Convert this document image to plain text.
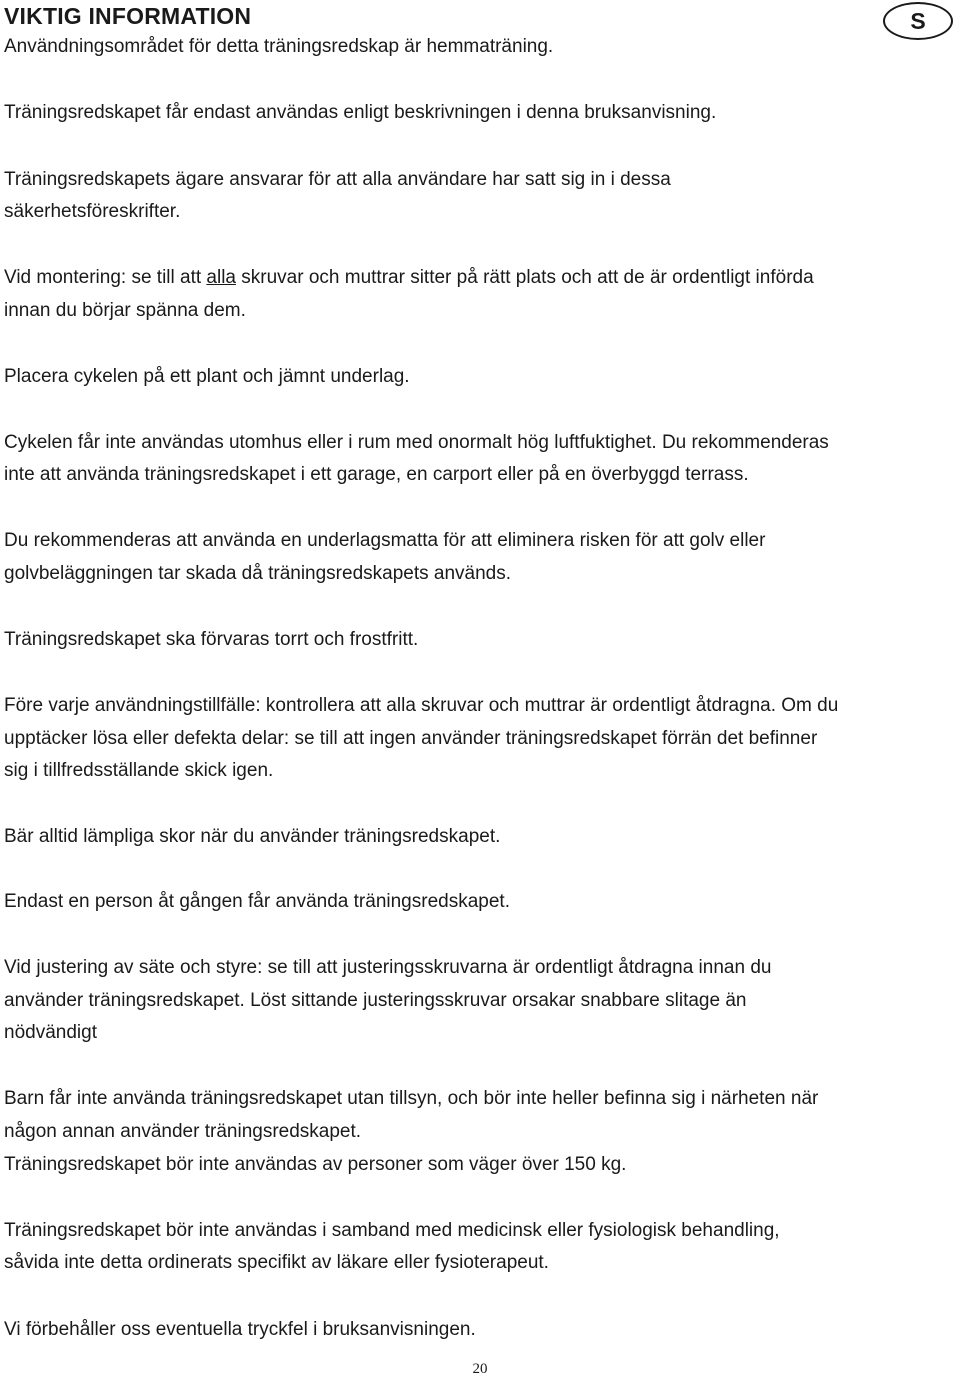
VIKTIG INFORMATION	S
Användningsområdet för detta träningsredskap är hemmaträning.
Träningsredskapet får endast användas enligt beskrivningen i denna bruksanvisning.
Träningsredskapets ägare ansvarar för att alla användare har satt sig in i dessa
säkerhetsföreskrifter.
Vid montering: se till att alla skruvar och muttrar sitter på rätt plats och att de är ordentligt införda
innan du börjar spänna dem.
Placera cykelen på ett plant och jämnt underlag.
Cykelen får inte användas utomhus eller i rum med onormalt hög luftfuktighet. Du rekommenderas
inte att använda träningsredskapet i ett garage, en carport eller på en överbyggd terrass.
Du rekommenderas att använda en underlagsmatta för att eliminera risken för att golv eller
golvbeläggningen tar skada då träningsredskapets används.
Träningsredskapet ska förvaras torrt och frostfritt.
Före varje användningstillfälle: kontrollera att alla skruvar och muttrar är ordentligt åtdragna. Om du
upptäcker lösa eller defekta delar: se till att ingen använder träningsredskapet förrän det befinner
sig i tillfredsställande skick igen.
Bär alltid lämpliga skor när du använder träningsredskapet.
Endast en person åt gången får använda träningsredskapet.
Vid justering av säte och styre: se till att justeringsskruvarna är ordentligt åtdragna innan du
använder träningsredskapet. Löst sittande justeringsskruvar orsakar snabbare slitage än
nödvändigt
Barn får inte använda träningsredskapet utan tillsyn, och bör inte heller befinna sig i närheten när
någon annan använder träningsredskapet.
Träningsredskapet bör inte användas av personer som väger över 150 kg.
Träningsredskapet bör inte användas i samband med medicinsk eller fysiologisk behandling,
såvida inte detta ordinerats specifikt av läkare eller fysioterapeut.
Vi förbehåller oss eventuella tryckfel i bruksanvisningen.
20
